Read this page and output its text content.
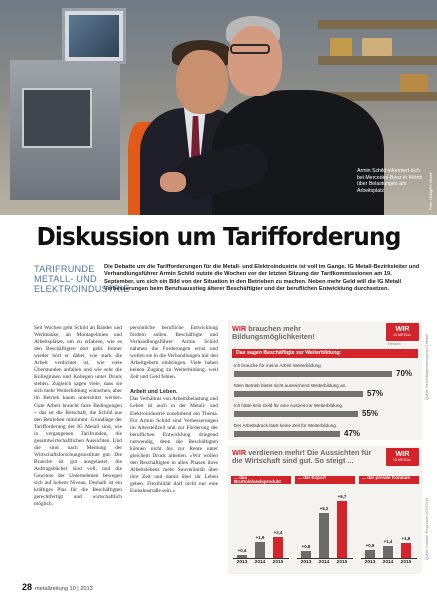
Armin Schild informiert sich bei Mercedes-Benz in Wörth über Belastungen am Arbeitsplatz	Foto: Hilbig/IG Metall
Diskussion um Tarifforderung
TARIFRUNDE METALL- UND ELEKTROINDUSTRIE
Die Debatte um die Tarifforderungen für die Metall- und Elektroindustrie ist voll im Gange. IG Metall-Bezirksleiter und Verhandlungsführer Armin Schild nutzte die Wochen vor der letzten Sitzung der Tarifkommissionen am 19. September, um sich ein Bild von der Situation in den Betrieben zu machen. Neben mehr Geld will die IG Metall Verbesserungen beim Berufsausstieg älterer Beschäftigter und der beruflichen Entwicklung durchsetzen.
Seit Wochen geht Schild an Bänder und Werkbänke, an Montagelinien und Arbeitsplätze, um zu erfahren, wie es den Beschäftigten dort geht. Immer wieder hört er dabei, wie stark die Arbeit verdichtet ist, wie viele Überstunden anfallen und wie sehr die Kolleginnen und Kollegen unter Druck stehen. Zugleich sagen viele, dass sie sich mehr Weiterbildung wünschen, aber im Betrieb kaum unterstützt werden. Gute Arbeit braucht faire Bedingungen – das ist die Botschaft, die Schild aus den Betrieben mitnimmt. Grundlage der Tarifforderung der IG Metall sind, wie in vergangenen Tarifrunden, die gesamtwirtschaftlichen Aussichten. Und die sind nach Meinung der Wirtschaftsforschungsinstitute gut. Die Branche ist gut ausgelastet, die Auftragsbücher sind voll, und die Gewinne der Unternehmen bewegen sich auf hohem Niveau. Deshalb ist ein kräftiges Plus für die Beschäftigten gerechtfertigt und wirtschaftlich möglich.
persönliche berufliche Entwicklung fördern sollen. Beschäftigte und Verhandlungsführer Armin Schild nahmen die Forderungen ernst und wollen sie in die Verhandlungen mit den Arbeitgebern einbringen. Viele haben keinen Zugang zu Weiterbildung, weil Zeit und Geld fehlen.
Arbeit und Leben.
Das Verhältnis von Arbeitsbelastung und Leben ist auch in der Metall- und Elektroindustrie zunehmend ein Thema. Für Armin Schild sind Verbesserungen im Altersteilzeit und zur Förderung der beruflichen Entwicklung dringend notwendig, denn die Beschäftigten können nicht bis zur Rente unter gleichem Druck arbeiten. »Wir wollen den Beschäftigten in allen Phasen ihres Arbeitslebens mehr Souveränität über ihre Zeit und damit über ihr Leben geben. Flexibilität darf nicht nur eine Einbahnstraße sein.«
WIR brauchen mehr Bildungsmöglichkeiten!
WIR
IG METALL
Hessen
Das sagen Beschäftigte zur Weiterbildung:
Ich brauche für meine Arbeit Weiterbildung.
70%
Mein Betrieb bietet nicht ausreichend Weiterbildung an.
57%
Ich hätte kein Geld für eine Auszeit zur Weiterbildung.
55%
Der Arbeitsdruck lässt keine Zeit für Weiterbildung.
47%
Quelle: Beschäftigtenbefragung IG Metall
WIR verdienen mehr! Die Aussichten für die Wirtschaft sind gut. So steigt ...
WIR
IG METALL
... das Bruttoinlandsprodukt
+0,4
2013
+1,9
2014
+2,4
2015
... der Export
+0,8
2013
+5,2
2014
+6,7
2015
... der private Konsum
+0,9
2013
+1,4
2014
+1,8
2015
Quelle: Institute, Prognosen 2014/2015
28 metallzeitung 10 | 2013
